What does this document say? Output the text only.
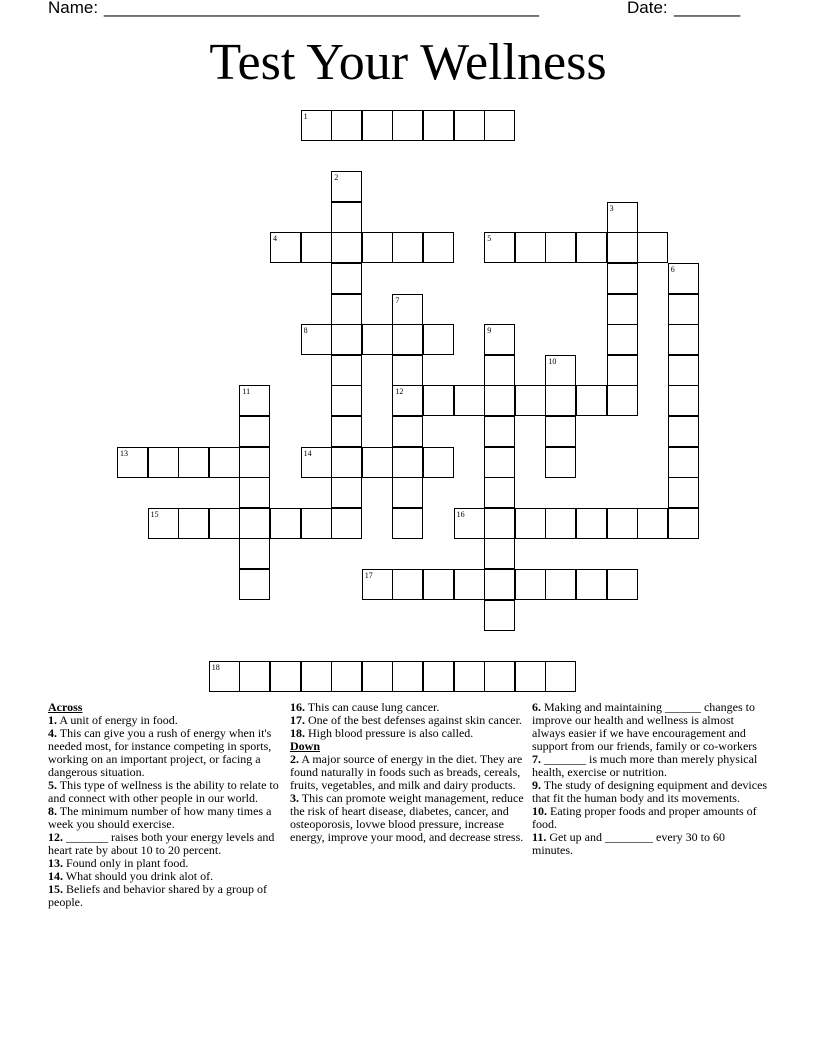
Name: ______________________________________________	Date: _______
Test Your Wellness
1
2
3
4	5
6
7
12
8	9
10
11
13	14
15	16
17
18
Across
1. A unit of energy in food.
4. This can give you a rush of energy when it's needed most, for instance competing in sports, working on an important project, or facing a dangerous situation.
5. This type of wellness is the ability to relate to and connect with other people in our world.
8. The minimum number of how many times a week you should exercise.
12. _______ raises both your energy levels and heart rate by about 10 to 20 percent.
13. Found only in plant food.
14. What should you drink alot of.
15. Beliefs and behavior shared by a group of people.
16. This can cause lung cancer.
17. One of the best defenses against skin cancer.
18. High blood pressure is also called.
Down
2. A major source of energy in the diet. They are found naturally in foods such as breads, cereals, fruits, vegetables, and milk and dairy products.
3. This can promote weight management, reduce the risk of heart disease, diabetes, cancer, and osteoporosis, lovwe blood pressure, increase energy, improve your mood, and decrease stress.
6. Making and maintaining ______ changes to improve our health and wellness is almost always easier if we have encouragement and support from our friends, family or co-workers
7. _______ is much more than merely physical health, exercise or nutrition.
9. The study of designing equipment and devices that fit the human body and its movements.
10. Eating proper foods and proper amounts of food.
11. Get up and ________ every 30 to 60 minutes.
